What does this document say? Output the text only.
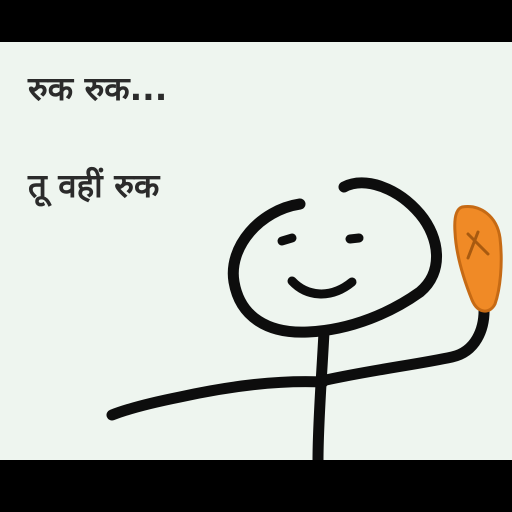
रुक रुक...

तू वहीं रुक
